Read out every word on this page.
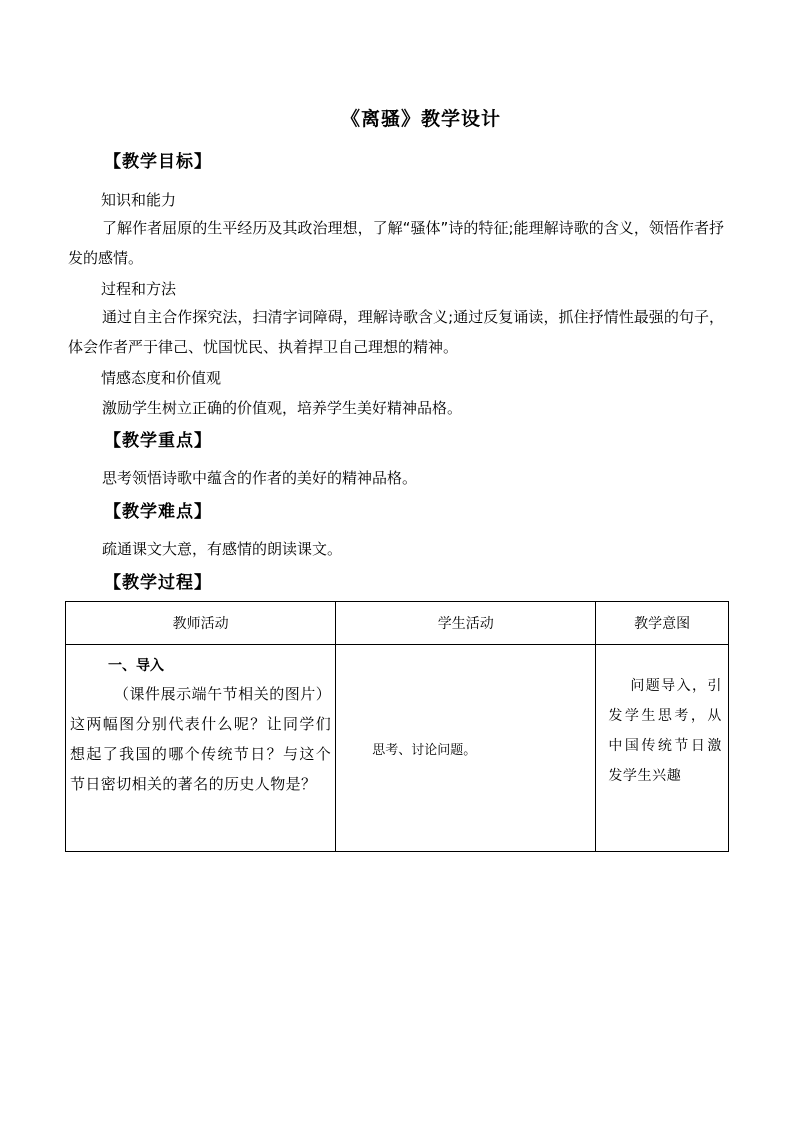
《离骚》教学设计
【教学目标】

知识和能力

了解作者屈原的生平经历及其政治理想，了解“骚体”诗的特征;能理解诗歌的含义，领悟作者抒发的感情。

过程和方法

通过自主合作探究法，扫清字词障碍，理解诗歌含义;通过反复诵读，抓住抒情性最强的句子，体会作者严于律己、忧国忧民、执着捍卫自己理想的精神。

情感态度和价值观

激励学生树立正确的价值观，培养学生美好精神品格。

【教学重点】

思考领悟诗歌中蕴含的作者的美好的精神品格。

【教学难点】

疏通课文大意，有感情的朗读课文。

【教学过程】
教师活动	学生活动	教学意图

一、导入
（课件展示端午节相关的图片）这两幅图分别代表什么呢？让同学们想起了我国的哪个传统节日？与这个节日密切相关的著名的历史人物是？	思考、讨论问题。	问题导入，引发学生思考，从中国传统节日激发学生兴趣
